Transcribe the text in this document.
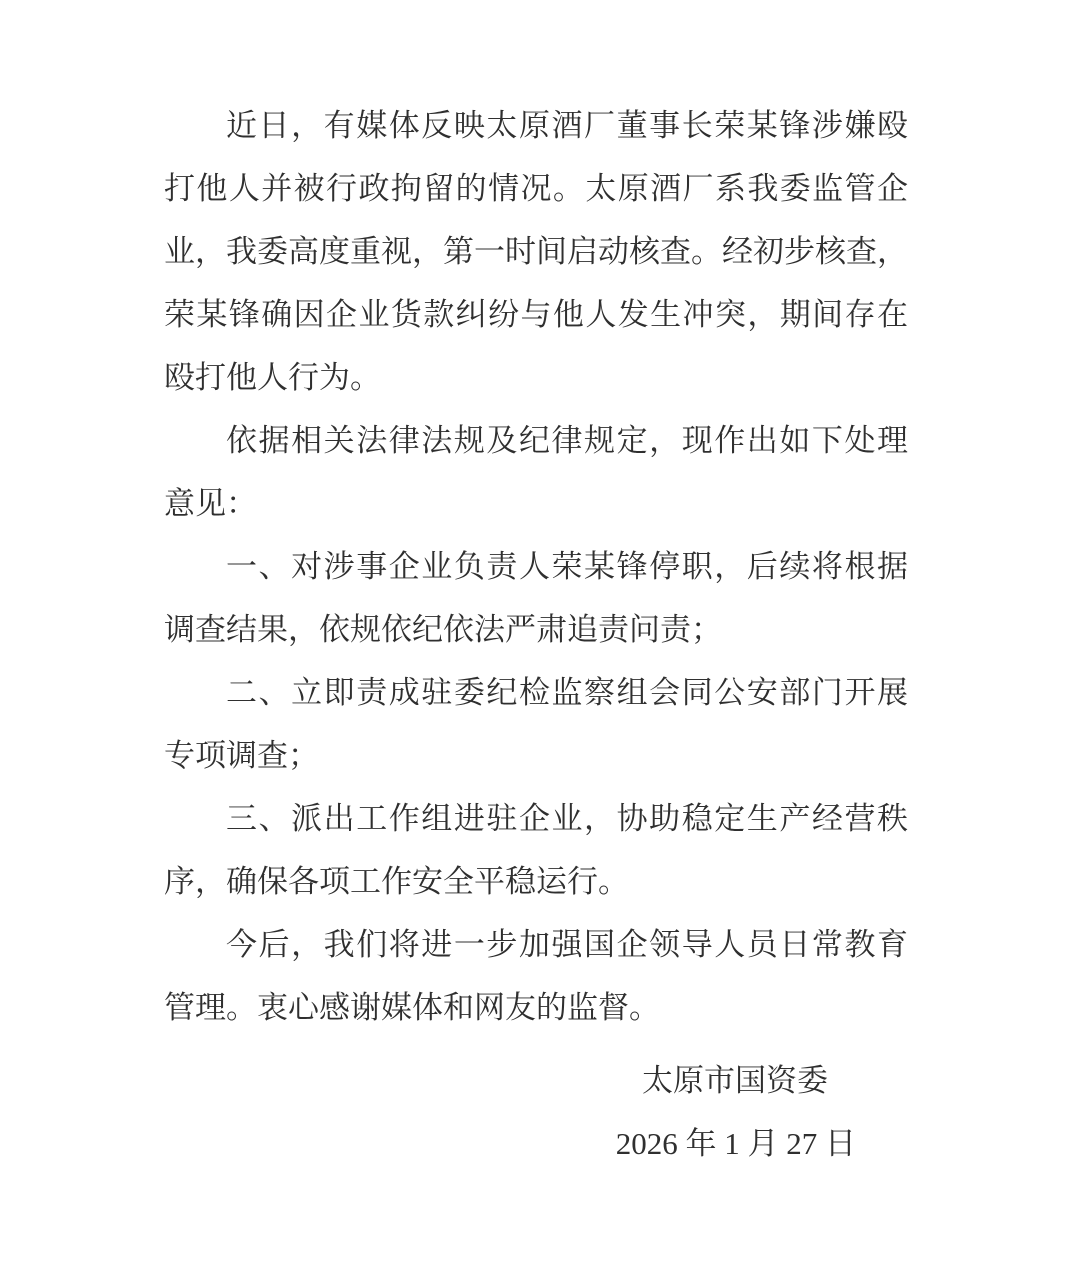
近日，有媒体反映太原酒厂董事长荣某锋涉嫌殴
打他人并被行政拘留的情况。太原酒厂系我委监管企
业，我委高度重视，第一时间启动核查。经初步核查，
荣某锋确因企业货款纠纷与他人发生冲突，期间存在
殴打他人行为。
依据相关法律法规及纪律规定，现作出如下处理
意见：
一、对涉事企业负责人荣某锋停职，后续将根据
调查结果，依规依纪依法严肃追责问责；
二、立即责成驻委纪检监察组会同公安部门开展
专项调查；
三、派出工作组进驻企业，协助稳定生产经营秩
序，确保各项工作安全平稳运行。
今后，我们将进一步加强国企领导人员日常教育
管理。衷心感谢媒体和网友的监督。
太原市国资委
2026 年 1 月 27 日
